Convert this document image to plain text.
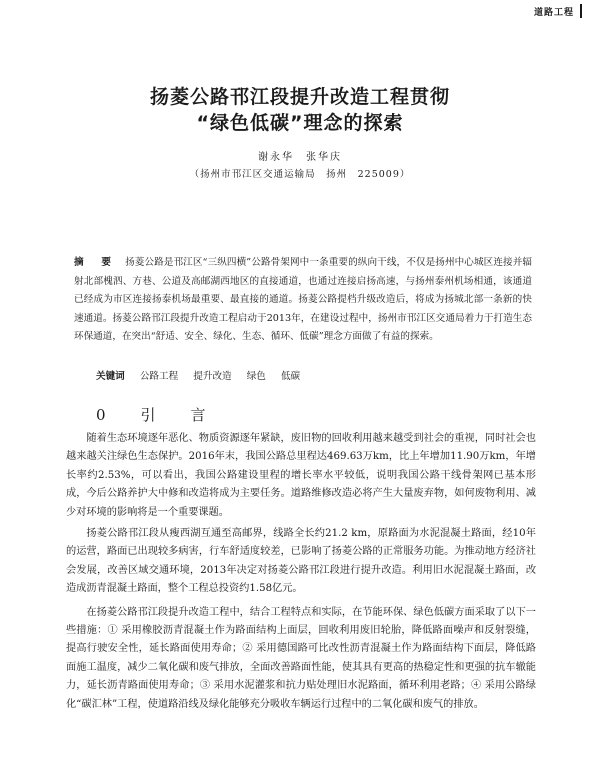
道路工程
扬菱公路邗江段提升改造工程贯彻
“绿色低碳”理念的探索
谢永华　张华庆
（扬州市邗江区交通运输局　扬州　225009）
摘　要 扬菱公路是邗江区“三纵四横”公路骨架网中一条重要的纵向干线，不仅是扬州中心城区连接并辐射北部槐泗、方巷、公道及高邮湖西地区的直接通道，也通过连接启扬高速，与扬州泰州机场相通，该通道已经成为市区连接扬泰机场最重要、最直接的通道。扬菱公路提档升级改造后，将成为扬城北部一条新的快速通道。扬菱公路邗江段提升改造工程启动于2013年，在建设过程中，扬州市邗江区交通局着力于打造生态环保通道，在突出“舒适、安全、绿化、生态、循环、低碳”理念方面做了有益的探索。
关键词 公路工程 提升改造 绿色 低碳
0　引　言

随着生态环境逐年恶化、物质资源逐年紧缺，废旧物的回收利用越来越受到社会的重视，同时社会也越来越关注绿色生态保护。2016年末，我国公路总里程达469.63万km，比上年增加11.90万km，年增长率约2.53%，可以看出，我国公路建设里程的增长率水平较低，说明我国公路干线骨架网已基本形成，今后公路养护大中修和改造将成为主要任务。道路维修改造必将产生大量废弃物，如何废物利用、减少对环境的影响将是一个重要课题。

扬菱公路邗江段从瘦西湖互通至高邮界，线路全长约21.2 km，原路面为水泥混凝土路面，经10年的运营，路面已出现较多病害，行车舒适度较差，已影响了扬菱公路的正常服务功能。为推动地方经济社会发展，改善区域交通环境，2013年决定对扬菱公路邗江段进行提升改造。利用旧水泥混凝土路面，改造成沥青混凝土路面，整个工程总投资约1.58亿元。

在扬菱公路邗江段提升改造工程中，结合工程特点和实际，在节能环保、绿色低碳方面采取了以下一些措施：① 采用橡胶沥青混凝土作为路面结构上面层，回收利用废旧轮胎，降低路面噪声和反射裂缝，提高行驶安全性，延长路面使用寿命；② 采用德国路可比改性沥青混凝土作为路面结构下面层，降低路面施工温度，减少二氧化碳和废气排放，全面改善路面性能，使其具有更高的热稳定性和更强的抗车辙能力，延长沥青路面使用寿命；③ 采用水泥灌浆和抗力贴处理旧水泥路面，循环利用老路；④ 采用公路绿化“碳汇林”工程，使道路沿线及绿化能够充分吸收车辆运行过程中的二氧化碳和废气的排放。
